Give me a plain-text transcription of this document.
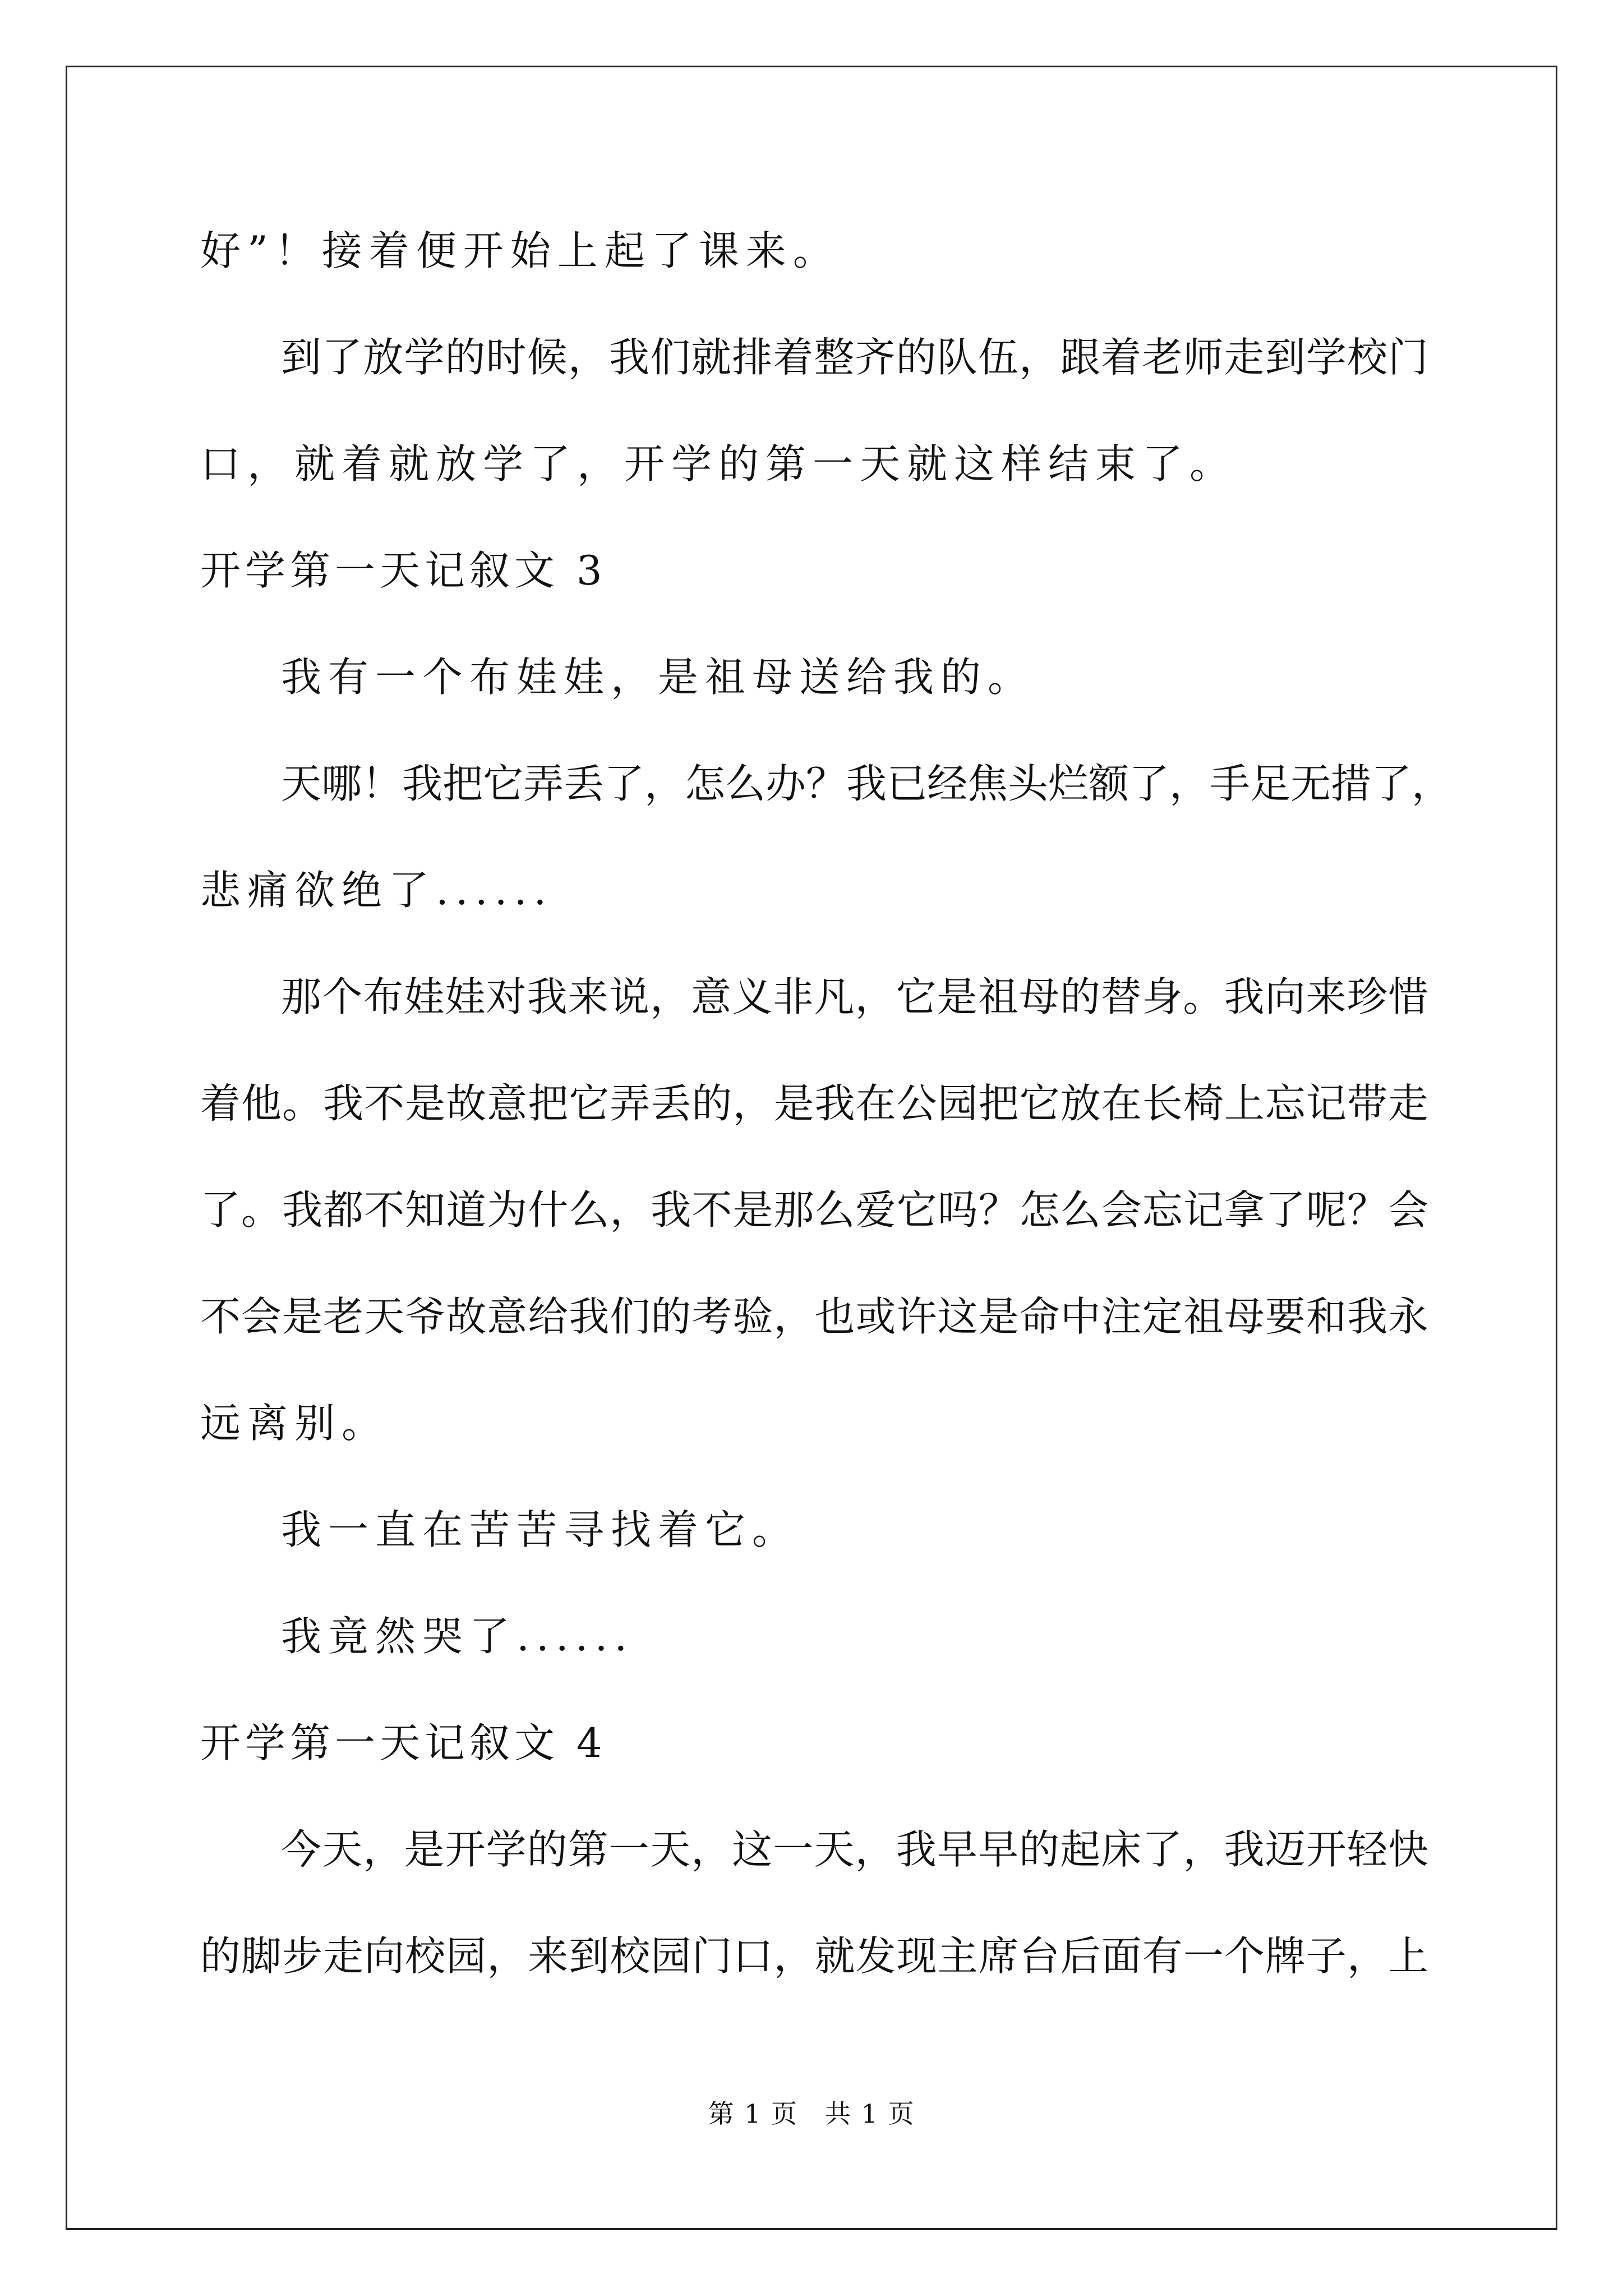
好”！接着便开始上起了课来。
到了放学的时候，我们就排着整齐的队伍，跟着老师走到学校门
口，就着就放学了，开学的第一天就这样结束了。
开学第一天记叙文 3
我有一个布娃娃，是祖母送给我的。
天哪！我把它弄丢了，怎么办？我已经焦头烂额了，手足无措了，
悲痛欲绝了......
那个布娃娃对我来说，意义非凡，它是祖母的替身。我向来珍惜
着他。我不是故意把它弄丢的，是我在公园把它放在长椅上忘记带走
了。我都不知道为什么，我不是那么爱它吗？怎么会忘记拿了呢？会
不会是老天爷故意给我们的考验，也或许这是命中注定祖母要和我永
远离别。
我一直在苦苦寻找着它。
我竟然哭了......
开学第一天记叙文 4
今天，是开学的第一天，这一天，我早早的起床了，我迈开轻快
的脚步走向校园，来到校园门口，就发现主席台后面有一个牌子，上
第 1 页 共 1 页
